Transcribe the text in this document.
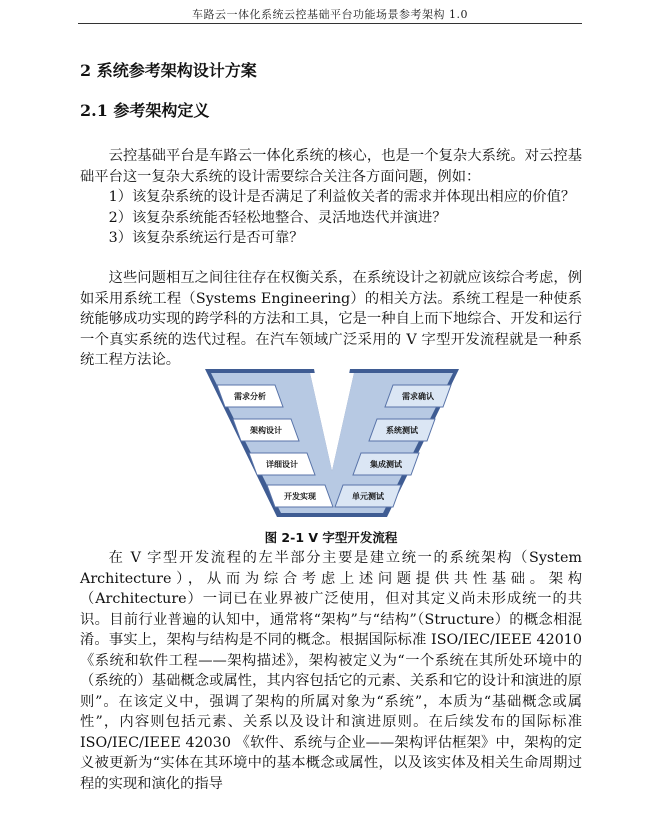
车路云一体化系统云控基础平台功能场景参考架构 1.0
2 系统参考架构设计方案
2.1 参考架构定义
云控基础平台是车路云一体化系统的核心，也是一个复杂大系统。对云控基础平台这一复杂大系统的设计需要综合关注各方面问题，例如：
1）该复杂系统的设计是否满足了利益攸关者的需求并体现出相应的价值？
2）该复杂系统能否轻松地整合、灵活地迭代并演进？
3）该复杂系统运行是否可靠？
这些问题相互之间往往存在权衡关系，在系统设计之初就应该综合考虑，例如采用系统工程（Systems Engineering）的相关方法。系统工程是一种使系统能够成功实现的跨学科的方法和工具，它是一种自上而下地综合、开发和运行一个真实系统的迭代过程。在汽车领域广泛采用的 V 字型开发流程就是一种系统工程方法论。
需求分析
架构设计
详细设计
开发实现
需求确认
系统测试
集成测试
单元测试
图 2-1 V 字型开发流程
在 V 字型开发流程的左半部分主要是建立统一的系统架构（System Architecture），从而为综合考虑上述问题提供共性基础。架构（Architecture）一词已在业界被广泛使用，但对其定义尚未形成统一的共识。目前行业普遍的认知中，通常将“架构”与“结构”（Structure）的概念相混淆。事实上，架构与结构是不同的概念。根据国际标准 ISO/IEC/IEEE 42010《系统和软件工程——架构描述》，架构被定义为“一个系统在其所处环境中的（系统的）基础概念或属性，其内容包括它的元素、关系和它的设计和演进的原则”。在该定义中，强调了架构的所属对象为“系统”，本质为“基础概念或属性”，内容则包括元素、关系以及设计和演进原则。在后续发布的国际标准 ISO/IEC/IEEE 42030 《软件、系统与企业——架构评估框架》中，架构的定义被更新为“实体在其环境中的基本概念或属性，以及该实体及相关生命周期过程的实现和演化的指导
